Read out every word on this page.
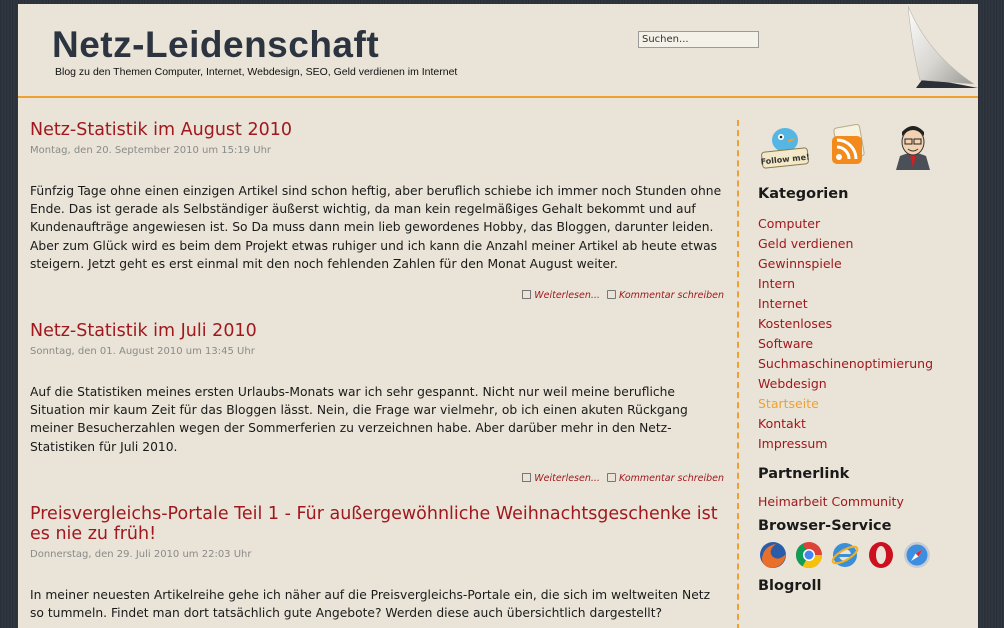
Netz-Leidenschaft
Blog zu den Themen Computer, Internet, Webdesign, SEO, Geld verdienen im Internet
Suchen...
Netz-Statistik im August 2010
Montag, den 20. September 2010 um 15:19 Uhr
Fünfzig Tage ohne einen einzigen Artikel sind schon heftig, aber beruflich schiebe ich immer noch Stunden ohne Ende. Das ist gerade als Selbständiger äußerst wichtig, da man kein regelmäßiges Gehalt bekommt und auf Kundenaufträge angewiesen ist. So Da muss dann mein lieb gewordenes Hobby, das Bloggen, darunter leiden. Aber zum Glück wird es beim dem Projekt etwas ruhiger und ich kann die Anzahl meiner Artikel ab heute etwas steigern. Jetzt geht es erst einmal mit den noch fehlenden Zahlen für den Monat August weiter.
Weiterlesen... Kommentar schreiben
Netz-Statistik im Juli 2010
Sonntag, den 01. August 2010 um 13:45 Uhr
Auf die Statistiken meines ersten Urlaubs-Monats war ich sehr gespannt. Nicht nur weil meine berufliche Situation mir kaum Zeit für das Bloggen lässt. Nein, die Frage war vielmehr, ob ich einen akuten Rückgang meiner Besucherzahlen wegen der Sommerferien zu verzeichnen habe. Aber darüber mehr in den Netz-Statistiken für Juli 2010.
Weiterlesen... Kommentar schreiben
Preisvergleichs-Portale Teil 1 - Für außergewöhnliche Weihnachtsgeschenke ist es nie zu früh!
Donnerstag, den 29. Juli 2010 um 22:03 Uhr
In meiner neuesten Artikelreihe gehe ich näher auf die Preisvergleichs-Portale ein, die sich im weltweiten Netz so tummeln. Findet man dort tatsächlich gute Angebote? Werden diese auch übersichtlich dargestellt?
Follow me!
Kategorien
Computer
Geld verdienen
Gewinnspiele
Intern
Internet
Kostenloses
Software
Suchmaschinenoptimierung
Webdesign
Startseite
Kontakt
Impressum
Partnerlink
Heimarbeit Community
Browser-Service
Blogroll
